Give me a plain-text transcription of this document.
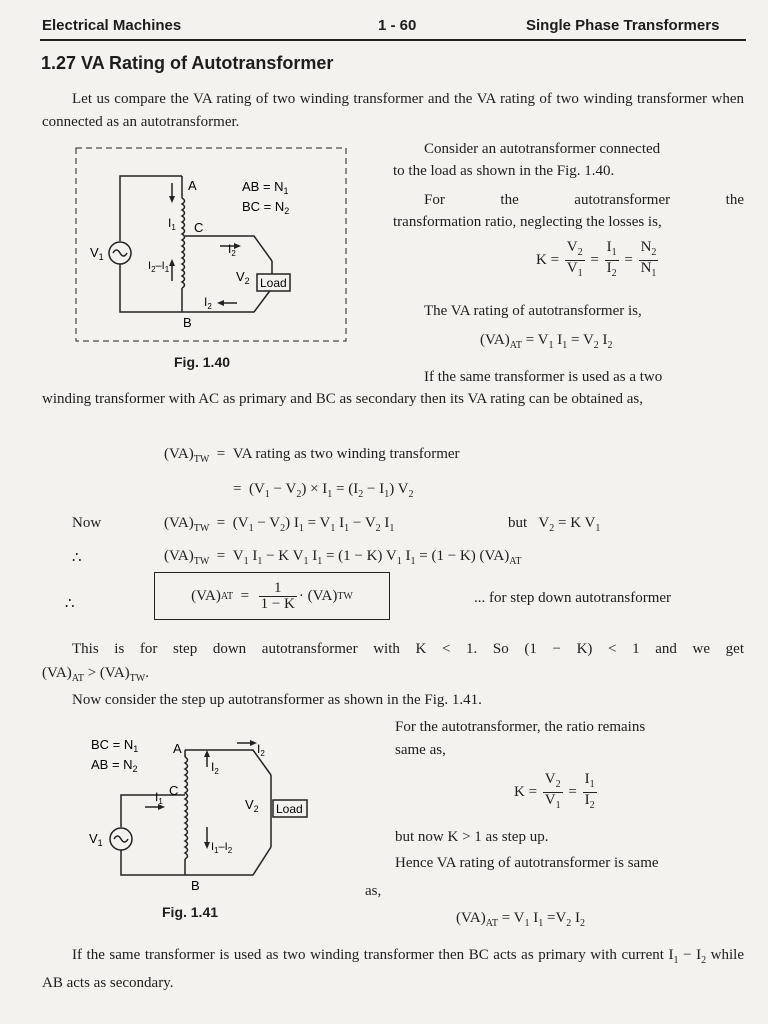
Electrical Machines	1 - 60	Single Phase Transformers
1.27 VA Rating of Autotransformer
Let us compare the VA rating of two winding transformer and the VA rating of two winding transformer when connected as an autotransformer.
Load
A
C
B
AB = $N_1$
BC = $N_2$
$V_1$
$V_2$
$I_1$
$I_2-I_1$
$I_2$
$I_2$
Fig. 1.40
Consider an autotransformer connected
to the load as shown in the Fig. 1.40.
For	the	autotransformer	the
transformation ratio, neglecting the losses is,
$K = \frac{V_2}{V_1} = \frac{I_1}{I_2} = \frac{N_2}{N_1}$
The VA rating of autotransformer is,
$(VA)_{AT} = V_1$ $I_1 = V_2$ $I_2$
If the same transformer is used as a two
winding transformer with AC as primary and BC as secondary then its VA rating can be obtained as,
$(VA)_{TW}$  =  VA rating as two winding transformer
=  $(V_1 - V_2) \times I_1 = (I_2 - I_1)$ $V_2$
Now	$(VA)_{TW} = (V_1 - V_2) I_1 = V_1$ $I_1 - V_2$ $I_1$	but   $V_2 = K$ $V_1$
∴	$(VA)_{TW} = V_1$ $I_1 - K$ $V_1$ $I_1 = (1 - K)$ $V_1$ $I_1 = (1 - K)$ $(VA)_{AT}$
∴
(VA) AT = $\frac{1}{1 - K} \cdot (VA)$ TW	... for step down autotransformer
This is for step down autotransformer with K < 1. So (1 − K) < 1 and we get
$(VA)_{AT} > (VA)_{TW}$.
Now consider the step up autotransformer as shown in the Fig. 1.41.
Load
BC = $N_1$
AB = $N_2$
A
C
B
$I_2$
$I_2$
$I_1$
$I_1-I_2$
$V_1$
$V_2$
Fig. 1.41
For the autotransformer, the ratio remains
same as,
$K = \frac{V_2}{V_1} = \frac{I_1}{I_2}$
but now K > 1 as step up.
Hence VA rating of autotransformer is same
as,
$(VA)_{AT} = V_1$ $I_1 =V_2$ $I_2$
If the same transformer is used as two winding transformer then BC acts as primary with current $I_1 - I_2$ while AB acts as secondary.
